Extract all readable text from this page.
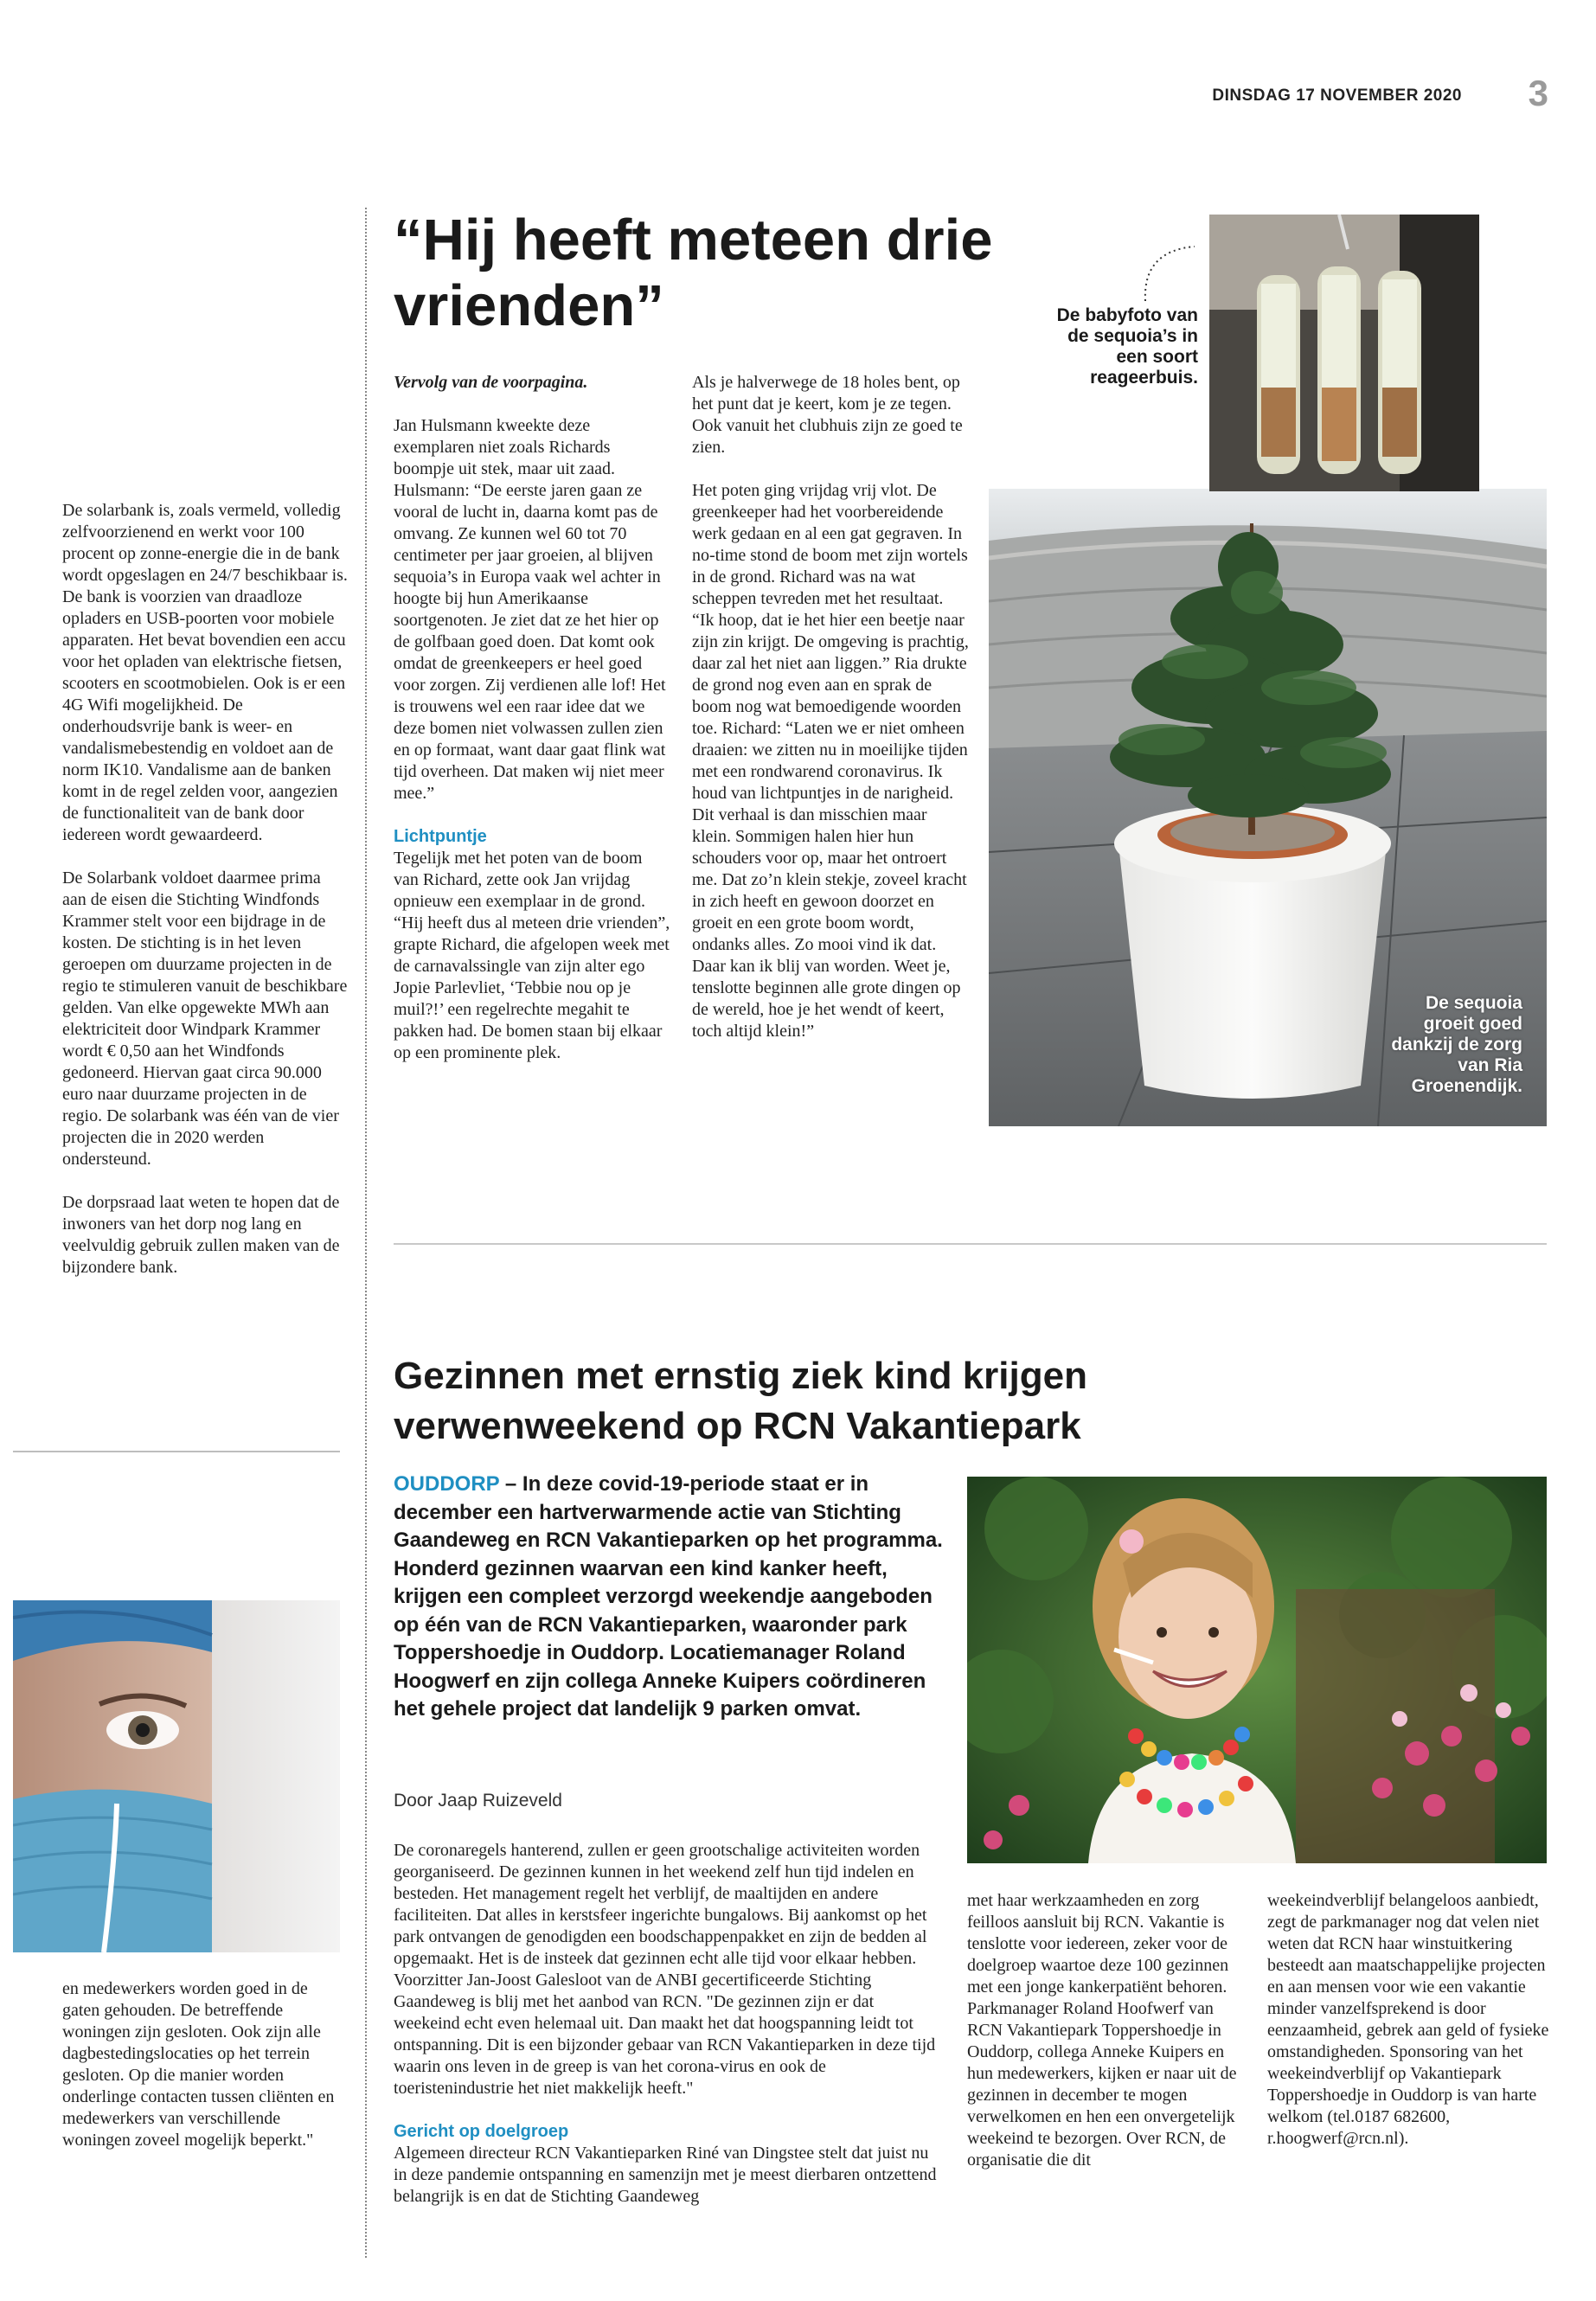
DINSDAG 17 NOVEMBER 2020 3

De solarbank is, zoals vermeld, volledig zelfvoorzienend en werkt voor 100 procent op zonne-energie die in de bank wordt opgeslagen en 24/7 beschikbaar is. De bank is voorzien van draadloze opladers en USB-poorten voor mobiele apparaten. Het bevat bovendien een accu voor het opladen van elektrische fietsen, scooters en scootmobielen. Ook is er een 4G Wifi mogelijkheid. De onderhoudsvrije bank is weer- en vandalismebestendig en voldoet aan de norm IK10. Vandalisme aan de banken komt in de regel zelden voor, aangezien de functionaliteit van de bank door iedereen wordt gewaardeerd.

De Solarbank voldoet daarmee prima aan de eisen die Stichting Windfonds Krammer stelt voor een bijdrage in de kosten. De stichting is in het leven geroepen om duurzame projecten in de regio te stimuleren vanuit de beschikbare gelden. Van elke opgewekte MWh aan elektriciteit door Windpark Krammer wordt € 0,50 aan het Windfonds gedoneerd. Hiervan gaat circa 90.000 euro naar duurzame projecten in de regio. De solarbank was één van de vier projecten die in 2020 werden ondersteund.

De dorpsraad laat weten te hopen dat de inwoners van het dorp nog lang en veelvuldig gebruik zullen maken van de bijzondere bank.

en medewerkers worden goed in de gaten gehouden. De betreffende woningen zijn gesloten. Ook zijn alle dagbestedingslocaties op het terrein gesloten. Op die manier worden onderlinge contacten tussen cliënten en medewerkers van verschillende woningen zoveel mogelijk beperkt."
“Hij heeft meteen drie vrienden”

Vervolg van de voorpagina.

Jan Hulsmann kweekte deze exemplaren niet zoals Richards boompje uit stek, maar uit zaad. Hulsmann: “De eerste jaren gaan ze vooral de lucht in, daarna komt pas de omvang. Ze kunnen wel 60 tot 70 centimeter per jaar groeien, al blijven sequoia’s in Europa vaak wel achter in hoogte bij hun Amerikaanse soortgenoten. Je ziet dat ze het hier op de golfbaan goed doen. Dat komt ook omdat de greenkeepers er heel goed voor zorgen. Zij verdienen alle lof! Het is trouwens wel een raar idee dat we deze bomen niet volwassen zullen zien en op formaat, want daar gaat flink wat tijd overheen. Dat maken wij niet meer mee.”

Lichtpuntje

Tegelijk met het poten van de boom van Richard, zette ook Jan vrijdag opnieuw een exemplaar in de grond. “Hij heeft dus al meteen drie vrienden”, grapte Richard, die afgelopen week met de carnavalssingle van zijn alter ego Jopie Parlevliet, ‘Tebbie nou op je muil?!’ een regelrechte megahit te pakken had. De bomen staan bij elkaar op een prominente plek.

Als je halverwege de 18 holes bent, op het punt dat je keert, kom je ze tegen. Ook vanuit het clubhuis zijn ze goed te zien.

Het poten ging vrijdag vrij vlot. De greenkeeper had het voorbereidende werk gedaan en al een gat gegraven. In no-time stond de boom met zijn wortels in de grond. Richard was na wat scheppen tevreden met het resultaat. “Ik hoop, dat ie het hier een beetje naar zijn zin krijgt. De omgeving is prachtig, daar zal het niet aan liggen.” Ria drukte de grond nog even aan en sprak de boom nog wat bemoedigende woorden toe. Richard: “Laten we er niet omheen draaien: we zitten nu in moeilijke tijden met een rondwarend coronavirus. Ik houd van lichtpuntjes in de narigheid. Dit verhaal is dan misschien maar klein. Sommigen halen hier hun schouders voor op, maar het ontroert me. Dat zo’n klein stekje, zoveel kracht in zich heeft en gewoon doorzet en groeit en een grote boom wordt, ondanks alles. Zo mooi vind ik dat. Daar kan ik blij van worden. Weet je, tenslotte beginnen alle grote dingen op de wereld, hoe je het wendt of keert, toch altijd klein!”

De babyfoto van de sequoia’s in een soort reageerbuis.
De sequoia groeit goed dankzij de zorg van Ria Groenendijk.
Gezinnen met ernstig ziek kind krijgen verwenweekend op RCN Vakantiepark

OUDDORP – In deze covid-19-periode staat er in december een hartverwarmende actie van Stichting Gaandeweg en RCN Vakantieparken op het programma. Honderd gezinnen waarvan een kind kanker heeft, krijgen een compleet verzorgd weekendje aangeboden op één van de RCN Vakantieparken, waaronder park Toppershoedje in Ouddorp. Locatiemanager Roland Hoogwerf en zijn collega Anneke Kuipers coördineren het gehele project dat landelijk 9 parken omvat.

Door Jaap Ruizeveld

De coronaregels hanterend, zullen er geen grootschalige activiteiten worden georganiseerd. De gezinnen kunnen in het weekend zelf hun tijd indelen en besteden. Het management regelt het verblijf, de maaltijden en andere faciliteiten. Dat alles in kerstsfeer ingerichte bungalows. Bij aankomst op het park ontvangen de genodigden een boodschappenpakket en zijn de bedden al opgemaakt. Het is de insteek dat gezinnen echt alle tijd voor elkaar hebben. Voorzitter Jan-Joost Galesloot van de ANBI gecertificeerde Stichting Gaandeweg is blij met het aanbod van RCN. "De gezinnen zijn er dat weekeind echt even helemaal uit. Dan maakt het dat hoogspanning leidt tot ontspanning. Dit is een bijzonder gebaar van RCN Vakantieparken in deze tijd waarin ons leven in de greep is van het corona-virus en ook de toeristenindustrie het niet makkelijk heeft."

Gericht op doelgroep

Algemeen directeur RCN Vakantieparken Riné van Dingstee stelt dat juist nu in deze pandemie ontspanning en samenzijn met je meest dierbaren ontzettend belangrijk is en dat de Stichting Gaandeweg

met haar werkzaamheden en zorg feilloos aansluit bij RCN. Vakantie is tenslotte voor iedereen, zeker voor de doelgroep waartoe deze 100 gezinnen met een jonge kankerpatiënt behoren. Parkmanager Roland Hoofwerf van RCN Vakantiepark Toppershoedje in Ouddorp, collega Anneke Kuipers en hun medewerkers, kijken er naar uit de gezinnen in december te mogen verwelkomen en hen een onvergetelijk weekeind te bezorgen. Over RCN, de organisatie die dit
weekeindverblijf belangeloos aanbiedt, zegt de parkmanager nog dat velen niet weten dat RCN haar winstuitkering besteedt aan maatschappelijke projecten en aan mensen voor wie een vakantie minder vanzelfsprekend is door eenzaamheid, gebrek aan geld of fysieke omstandigheden. Sponsoring van het weekeindverblijf op Vakantiepark Toppershoedje in Ouddorp is van harte welkom (tel.0187 682600, r.hoogwerf@rcn.nl).
